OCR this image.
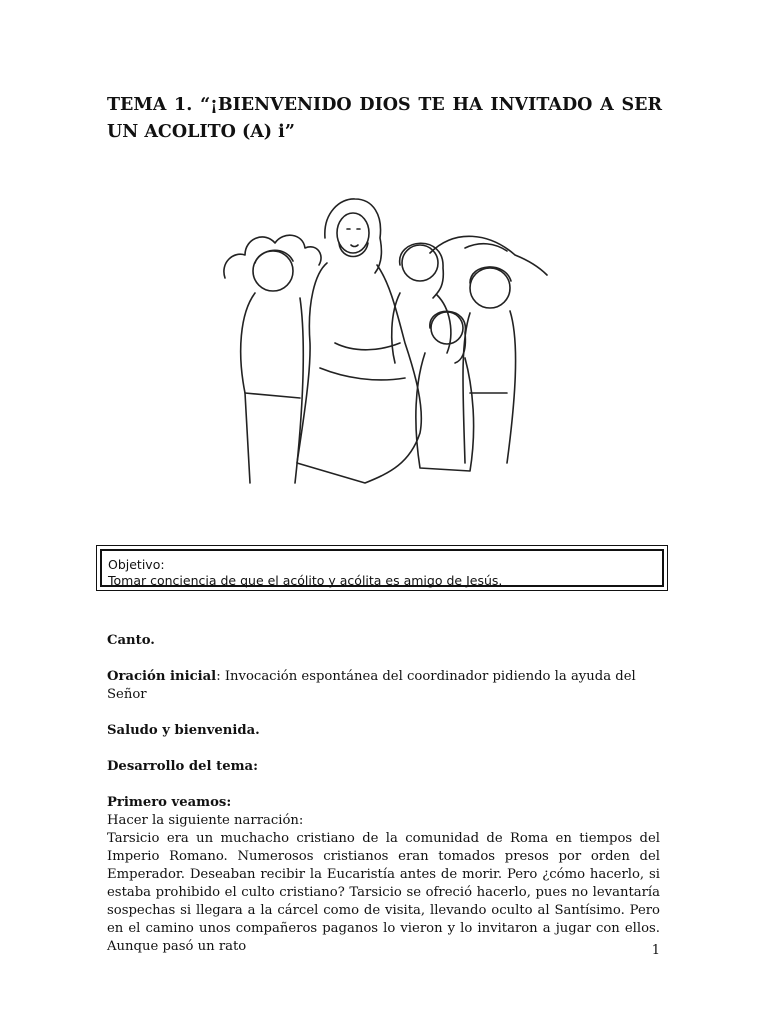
TEMA 1. “¡BIENVENIDO DIOS TE HA INVITADO A SER UN ACOLITO (A) i”
Objetivo:
Tomar conciencia de que el acólito y acólita es amigo de Jesús.

Canto.

Oración inicial: Invocación espontánea del coordinador pidiendo la ayuda del Señor

Saludo y bienvenida.

Desarrollo del tema:

Primero veamos:

Hacer la siguiente narración:

Tarsicio era un muchacho cristiano de la comunidad de Roma en tiempos del Imperio Romano. Numerosos cristianos eran tomados presos por orden del Emperador. Deseaban recibir la Eucaristía antes de morir. Pero ¿cómo hacerlo, si estaba prohibido el culto cristiano? Tarsicio se ofreció hacerlo, pues no levantaría sospechas si llegara a la cárcel como de visita, llevando oculto al Santísimo. Pero en el camino unos compañeros paganos lo vieron y lo invitaron a jugar con ellos. Aunque pasó un rato	1
